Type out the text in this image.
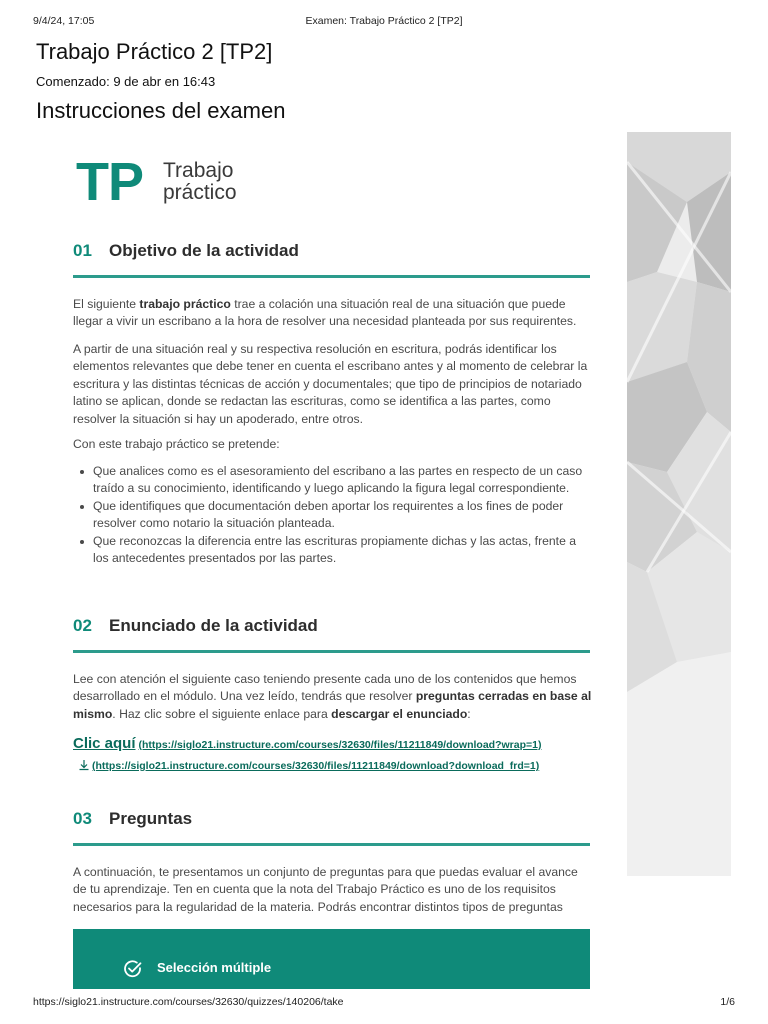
9/4/24, 17:05	Examen: Trabajo Práctico 2 [TP2]
Trabajo Práctico 2 [TP2]
Comenzado: 9 de abr en 16:43
Instrucciones del examen
TP Trabajo
práctico
01 Objetivo de la actividad

El siguiente trabajo práctico trae a colación una situación real de una situación que puede llegar a vivir un escribano a la hora de resolver una necesidad planteada por sus requirentes.

A partir de una situación real y su respectiva resolución en escritura, podrás identificar los elementos relevantes que debe tener en cuenta el escribano antes y al momento de celebrar la escritura y las distintas técnicas de acción y documentales; que tipo de principios de notariado latino se aplican, donde se redactan las escrituras, como se identifica a las partes, como resolver la situación si hay un apoderado, entre otros.

Con este trabajo práctico se pretende:

Que analices como es el asesoramiento del escribano a las partes en respecto de un caso traído a su conocimiento, identificando y luego aplicando la figura legal correspondiente.
Que identifiques que documentación deben aportar los requirentes a los fines de poder resolver como notario la situación planteada.
Que reconozcas la diferencia entre las escrituras propiamente dichas y las actas, frente a los antecedentes presentados por las partes.
02 Enunciado de la actividad

Lee con atención el siguiente caso teniendo presente cada uno de los contenidos que hemos desarrollado en el módulo. Una vez leído, tendrás que resolver preguntas cerradas en base al mismo. Haz clic sobre el siguiente enlace para descargar el enunciado:

Clic aquí (https://siglo21.instructure.com/courses/32630/files/11211849/download?wrap=1)
(https://siglo21.instructure.com/courses/32630/files/11211849/download?download_frd=1)
03 Preguntas

A continuación, te presentamos un conjunto de preguntas para que puedas evaluar el avance de tu aprendizaje. Ten en cuenta que la nota del Trabajo Práctico es uno de los requisitos necesarios para la regularidad de la materia. Podrás encontrar distintos tipos de preguntas

Selección múltiple
https://siglo21.instructure.com/courses/32630/quizzes/140206/take	1/6
